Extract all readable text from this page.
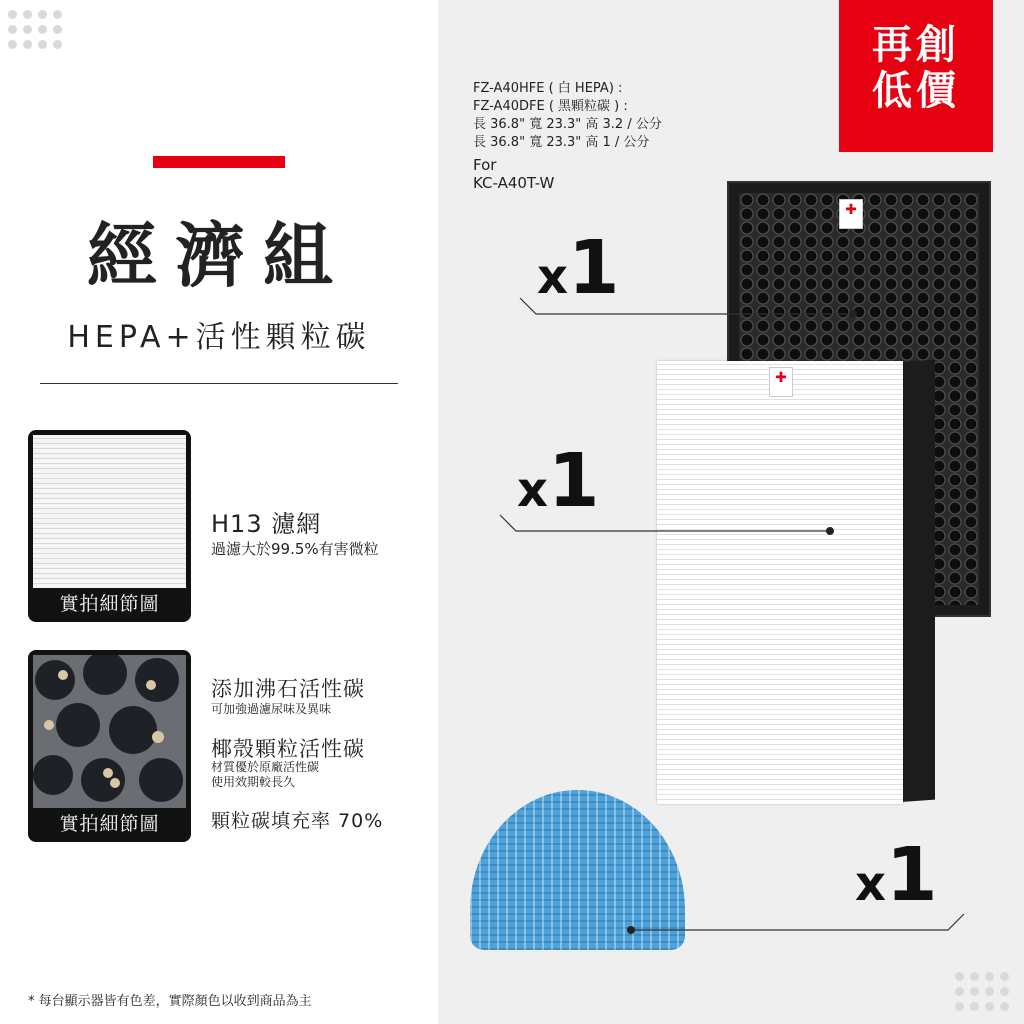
經濟組
HEPA+活性顆粒碳
實拍細節圖
H13 濾網
過濾大於99.5%有害微粒
實拍細節圖
添加沸石活性碳
可加強過濾尿味及異味
椰殼顆粒活性碳
材質優於原廠活性碳
使用效期較長久
顆粒碳填充率 70%
* 每台顯示器皆有色差，實際顏色以收到商品為主
FZ-A40HFE ( 白 HEPA) :
FZ-A40DFE ( 黑顆粒碳 ) :
長 36.8" 寬 23.3" 高 3.2 / 公分
長 36.8" 寬 23.3" 高 1 / 公分
For
KC-A40T-W
再創
低價
✚

✚

x1
x1
x1
